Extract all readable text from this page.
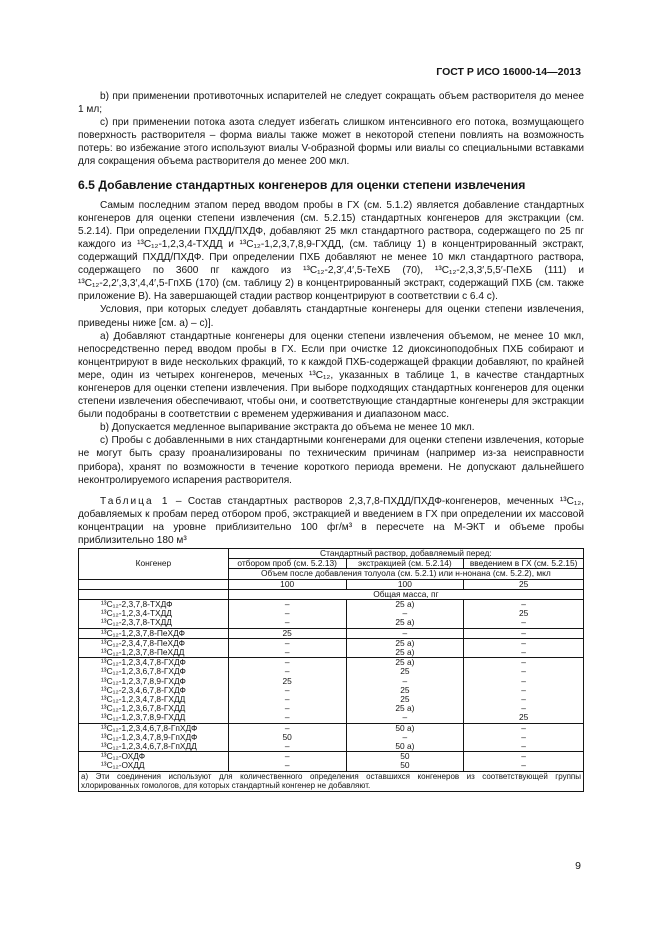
ГОСТ Р ИСО 16000-14—2013

b) при применении противоточных испарителей не следует сокращать объем растворителя до менее 1 мл;

c) при применении потока азота следует избегать слишком интенсивного его потока, возмущающего поверхность растворителя – форма виалы также может в некоторой степени повлиять на возможность потерь: во избежание этого используют виалы V-образной формы или виалы со специальными вставками для сокращения объема растворителя до менее 200 мкл.

6.5 Добавление стандартных конгенеров для оценки степени извлечения

Самым последним этапом перед вводом пробы в ГХ (см. 5.1.2) является добавление стандартных конгенеров для оценки степени извлечения (см. 5.2.15) стандартных конгенеров для экстракции (см. 5.2.14). При определении ПХДД/ПХДФ, добавляют 25 мкл стандартного раствора, содержащего по 25 пг каждого из ¹³C₁₂-1,2,3,4-ТХДД и ¹³C₁₂-1,2,3,7,8,9-ГХДД, (см. таблицу 1) в концентрированный экстракт, содержащий ПХДД/ПХДФ. При определении ПХБ добавляют не менее 10 мкл стандартного раствора, содержащего по 3600 пг каждого из ¹³C₁₂-2,3′,4′,5-ТеХБ (70), ¹³C₁₂-2,3,3′,5,5′-ПеХБ (111) и ¹³C₁₂-2,2′,3,3′,4,4′,5-ГпХБ (170) (см. таблицу 2) в концентрированный экстракт, содержащий ПХБ (см. также приложение В). На завершающей стадии раствор концентрируют в соответствии с 6.4 с).

Условия, при которых следует добавлять стандартные конгенеры для оценки степени извлечения, приведены ниже [см. а) – с)].

а) Добавляют стандартные конгенеры для оценки степени извлечения объемом, не менее 10 мкл, непосредственно перед вводом пробы в ГХ. Если при очистке 12 диоксиноподобных ПХБ собирают и концентрируют в виде нескольких фракций, то к каждой ПХБ-содержащей фракции добавляют, по крайней мере, один из четырех конгенеров, меченых ¹³C₁₂, указанных в таблице 1, в качестве стандартных конгенеров для оценки степени извлечения. При выборе подходящих стандартных конгенеров для оценки степени извлечения обеспечивают, чтобы они, и соответствующие стандартные конгенеры для экстракции были подобраны в соответствии с временем удерживания и диапазоном масс.

b) Допускается медленное выпаривание экстракта до объема не менее 10 мкл.

c) Пробы с добавленными в них стандартными конгенерами для оценки степени извлечения, которые не могут быть сразу проанализированы по техническим причинам (например из-за неисправности прибора), хранят по возможности в течение короткого периода времени. Не допускают дальнейшего неконтролируемого испарения растворителя.

Таблица 1 – Состав стандартных растворов 2,3,7,8-ПХДД/ПХДФ-конгенеров, меченных ¹³C₁₂, добавляемых к пробам перед отбором проб, экстракцией и введением в ГХ при определении их массовой концентрации на уровне приблизительно 100 фг/м³ в пересчете на М-ЭКТ и объеме пробы приблизительно 180 м³

Конгенер	Стандартный раствор, добавляемый перед:		
	отбором проб (см. 5.2.13)	экстракцией (см. 5.2.14)	введением в ГХ (см. 5.2.15)
	Объем после добавления толуола (см. 5.2.1) или н-нонана (см. 5.2.2), мкл		
	100	100	25
	Общая масса, пг		
¹³C₁₂-2,3,7,8-ТХДФ	–	25 а)	–
¹³C₁₂-1,2,3,4-ТХДД	–	–	25
¹³C₁₂-2,3,7,8-ТХДД	–	25 а)	–
¹³C₁₂-1,2,3,7,8-ПеХДФ	25	–	–
¹³C₁₂-2,3,4,7,8-ПеХДФ	–	25 а)	–
¹³C₁₂-1,2,3,7,8-ПеХДД	–	25 а)	–
¹³C₁₂-1,2,3,4,7,8-ГХДФ	–	25 а)	–
¹³C₁₂-1,2,3,6,7,8-ГХДФ	–	25	–
¹³C₁₂-1,2,3,7,8,9-ГХДФ	25	–	–
¹³C₁₂-2,3,4,6,7,8-ГХДФ	–	25	–
¹³C₁₂-1,2,3,4,7,8-ГХДД	–	25	–
¹³C₁₂-1,2,3,6,7,8-ГХДД	–	25 а)	–
¹³C₁₂-1,2,3,7,8,9-ГХДД	–	–	25
¹³C₁₂-1,2,3,4,6,7,8-ГпХДФ	–	50 а)	–
¹³C₁₂-1,2,3,4,7,8,9-ГпХДФ	50	–	–
¹³C₁₂-1,2,3,4,6,7,8-ГпХДД	–	50 а)	–
¹³C₁₂-ОХДФ	–	50	–
¹³C₁₂-ОХДД	–	50	–
а) Эти соединения используют для количественного определения оставшихся конгенеров из соответствующей группы хлорированных гомологов, для которых стандартный конгенер не добавляют.			
9
